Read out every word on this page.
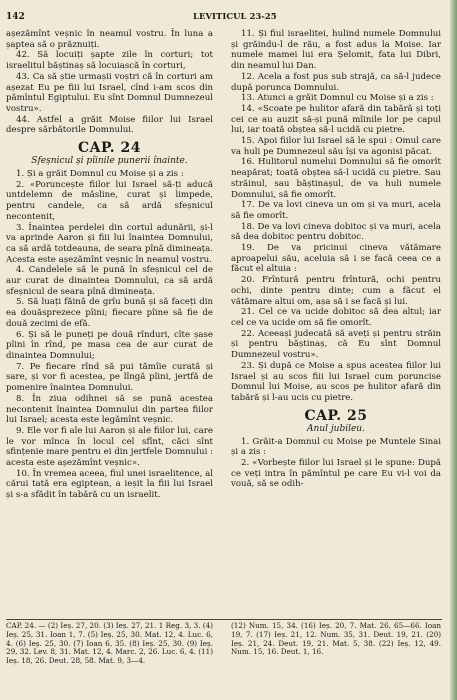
142	LEVITICUL 23-25

așezămînt veșnic în neamul vostru. În luna a șaptea să o prăznuiți.

42. Să locuiți șapte zile în corturi; tot israelitul băștinaș să locuiască în corturi,

43. Ca să știe urmașii voștri că în corturi am așezat Eu pe fiii lui Israel, cînd i-am scos din pămîntul Egiptului. Eu sînt Domnul Dumnezeul vostru».

44. Astfel a grăit Moise fiilor lui Israel despre sărbătorile Domnului.

CAP. 24
Sfeșnicul și pîinile punerii înainte.

1. Și a grăit Domnul cu Moise și a zis :

2. «Poruncește fiilor lui Israel să-ți aducă untdelemn de măsline, curat și limpede, pentru candele, ca să ardă sfeșnicul necontenit,

3. Înaintea perdelei din cortul adunării, și-l va aprinde Aaron și fiii lui înaintea Domnului, ca să ardă totdeauna, de seara pînă dimineața. Acesta este așezămînt veșnic în neamul vostru.

4. Candelele să le pună în sfeșnicul cel de aur curat de dinaintea Domnului, ca să ardă sfeșnicul de seara pînă dimineața.

5. Să luați făină de grîu bună și să faceți din ea douăsprezece pîini; fiecare pîine să fie de două zecimi de efă.

6. Și să le puneți pe două rînduri, cîte șase pîini în rînd, pe masa cea de aur curat de dinaintea Domnului;

7. Pe fiecare rînd să pui tămîie curată și sare, și vor fi acestea, pe lîngă pîini, jertfă de pomenire înaintea Domnului.

8. În ziua odihnei să se pună acestea necontenit înaintea Domnului din partea fiilor lui Israel; acesta este legămînt veșnic.

9. Ele vor fi ale lui Aaron și ale fiilor lui, care le vor mînca în locul cel sfînt, căci sînt sfințenie mare pentru ei din jertfele Domnului : acesta este așezămînt veșnic».

10. În vremea aceea, fiul unei israelitence, al cărui tată era egiptean, a ieșit la fiii lui Israel și s-a sfădit în tabără cu un israelit.

11. Și fiul israelitei, hulind numele Domnului și grăindu-l de rău, a fost adus la Moise. Iar numele mamei lui era Șelomit, fata lui Dibri, din neamul lui Dan.

12. Acela a fost pus sub strajă, ca să-l judece după porunca Domnului.

13. Atunci a grăit Domnul cu Moise și a zis :

14. «Scoate pe hulitor afară din tabără și toți cei ce au auzit să-și pună mîinile lor pe capul lui, iar toată obștea să-l ucidă cu pietre.

15. Apoi fiilor lui Israel să le spui : Omul care va huli pe Dumnezeul său își va agonisi păcat.

16. Hulitorul numelui Domnului să fie omorît neapărat; toată obștea să-l ucidă cu pietre. Sau străinul, sau băștinașul, de va huli numele Domnului, să fie omorît.

17. De va lovi cineva un om și va muri, acela să fie omorît.

18. De va lovi cineva dobitoc și va muri, acela să dea dobitoc pentru dobitoc.

19. De va pricinui cineva vătămare aproapelui său, aceluia să i se facă ceea ce a făcut el altuia :

20. Frîntură pentru frîntură, ochi pentru ochi, dinte pentru dinte; cum a făcut el vătămare altui om, așa să i se facă și lui.

21. Cel ce va ucide dobitoc să dea altul; iar cel ce va ucide om să fie omorît.

22. Aceeași judecată să aveți și pentru străin și pentru băștinaș, că Eu sînt Domnul Dumnezeul vostru».

23. Și după ce Moise a spus acestea fiilor lui Israel și au scos fiii lui Israel cum poruncise Domnul lui Moise, au scos pe hulitor afară din tabără și l-au ucis cu pietre.

CAP. 25
Anul jubileu.

1. Grăit-a Domnul cu Moise pe Muntele Sinai și a zis :

2. «Vorbește fiilor lui Israel și le spune: După ce veți intra în pămîntul pe care Eu vi-l voi da vouă, să se odih-

CAP. 24. — (2) Ieș. 27, 20. (3) Ieș. 27, 21. 1 Reg. 3, 3. (4) Ieș. 25, 31. Ioan 1, 7. (5) Ieș. 25, 30. Mat. 12, 4. Luc. 6, 4. (6) Ieș. 25, 30. (7) Ioan 6, 35. (8) Ieș. 25, 30. (9) Ieș. 29, 32. Lev. 8, 31. Mat. 12, 4. Marc. 2, 26. Luc. 6, 4. (11) Ieș. 18, 26. Deut. 28, 58. Mat. 9, 3—4.

(12) Num. 15, 34. (16) Ieș. 20, 7. Mat. 26, 65—66. Ioan 19, 7. (17) Ieș. 21, 12. Num. 35, 31. Deut. 19, 21. (20) Ieș. 21, 24. Deut. 19, 21. Mat. 5, 38. (22) Ieș. 12, 49. Num. 15, 16. Deut. 1, 16.
